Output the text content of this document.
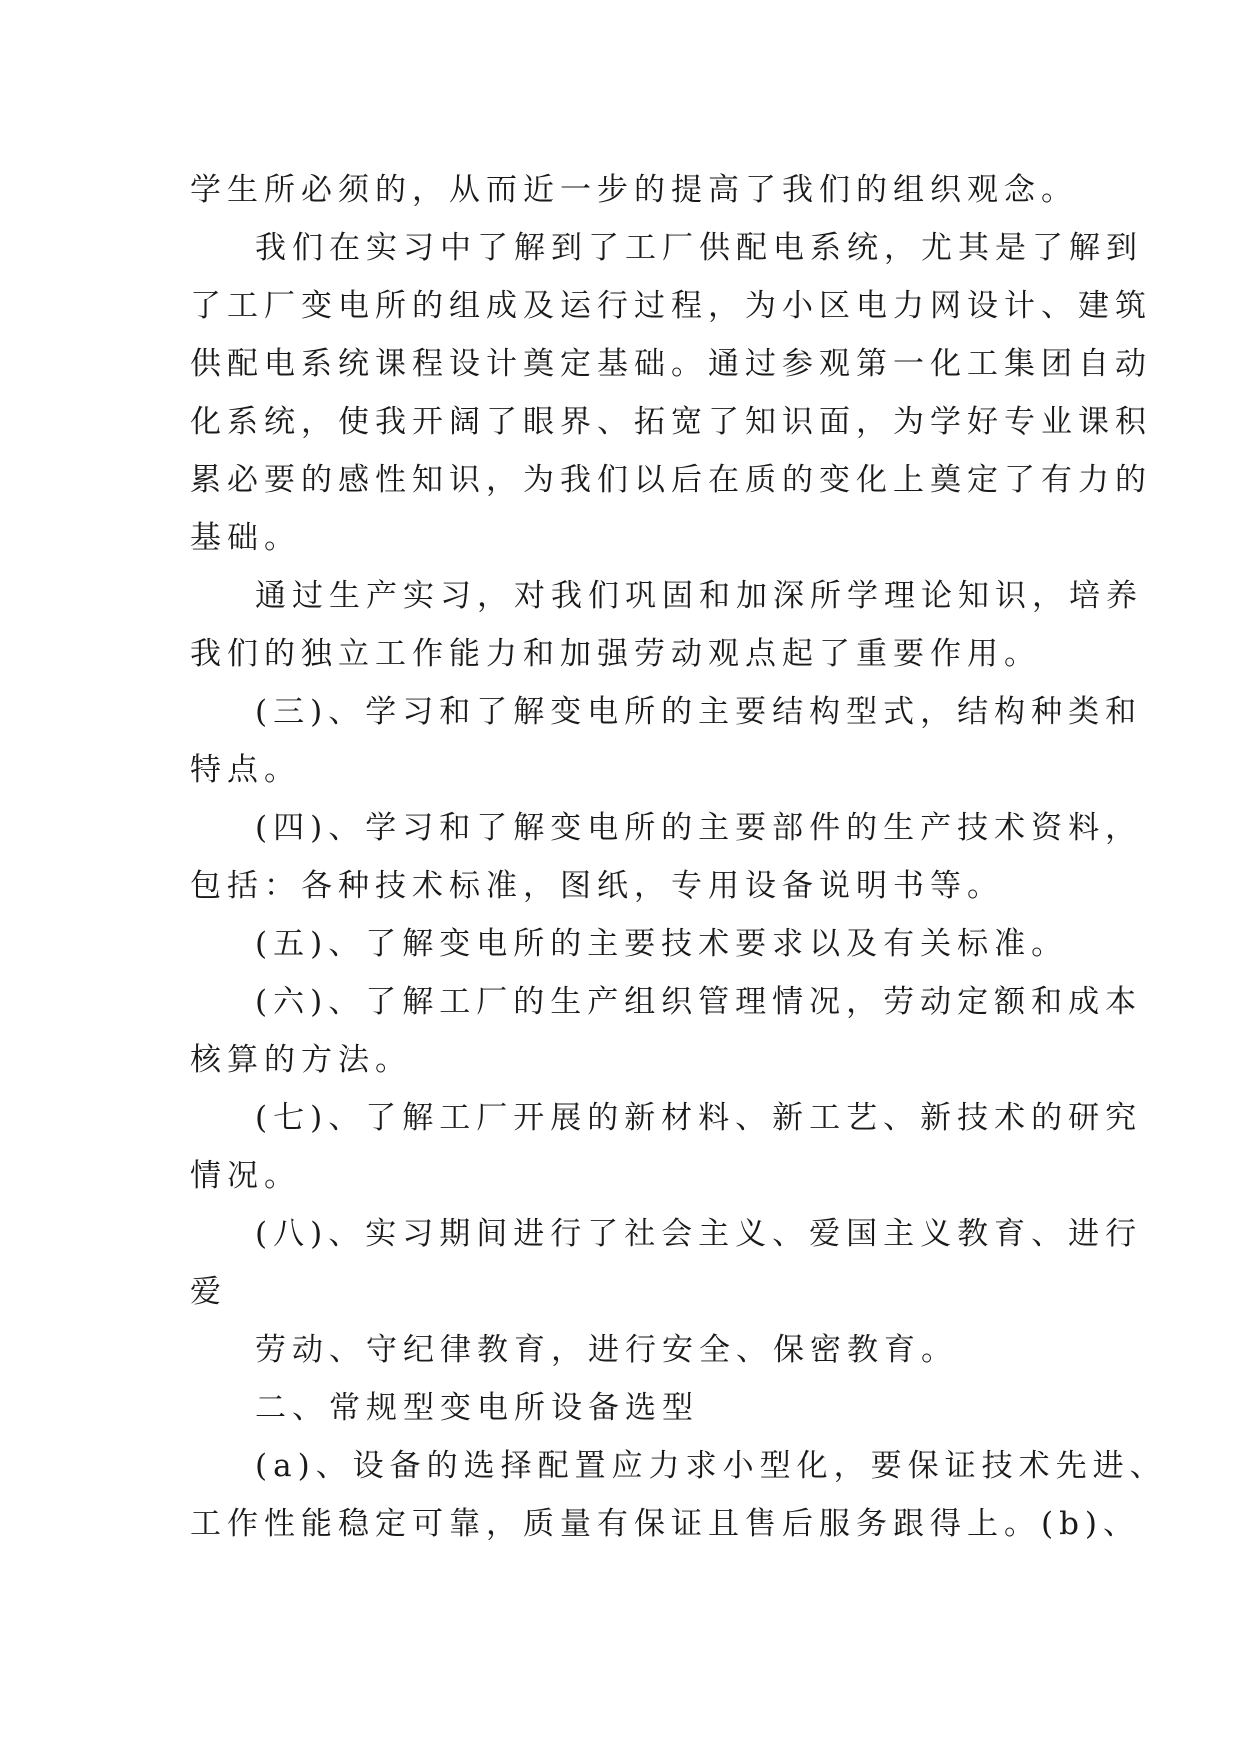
学生所必须的，从而近一步的提高了我们的组织观念。
我们在实习中了解到了工厂供配电系统，尤其是了解到
了工厂变电所的组成及运行过程，为小区电力网设计、建筑
供配电系统课程设计奠定基础。通过参观第一化工集团自动
化系统，使我开阔了眼界、拓宽了知识面，为学好专业课积
累必要的感性知识，为我们以后在质的变化上奠定了有力的
基础。
通过生产实习，对我们巩固和加深所学理论知识，培养
我们的独立工作能力和加强劳动观点起了重要作用。
(三)、学习和了解变电所的主要结构型式，结构种类和
特点。
(四)、学习和了解变电所的主要部件的生产技术资料，
包括：各种技术标准，图纸，专用设备说明书等。
(五)、了解变电所的主要技术要求以及有关标准。
(六)、了解工厂的生产组织管理情况，劳动定额和成本
核算的方法。
(七)、了解工厂开展的新材料、新工艺、新技术的研究
情况。
(八)、实习期间进行了社会主义、爱国主义教育、进行
爱
劳动、守纪律教育，进行安全、保密教育。
二、常规型变电所设备选型
(a)、设备的选择配置应力求小型化，要保证技术先进、
工作性能稳定可靠，质量有保证且售后服务跟得上。(b)、
